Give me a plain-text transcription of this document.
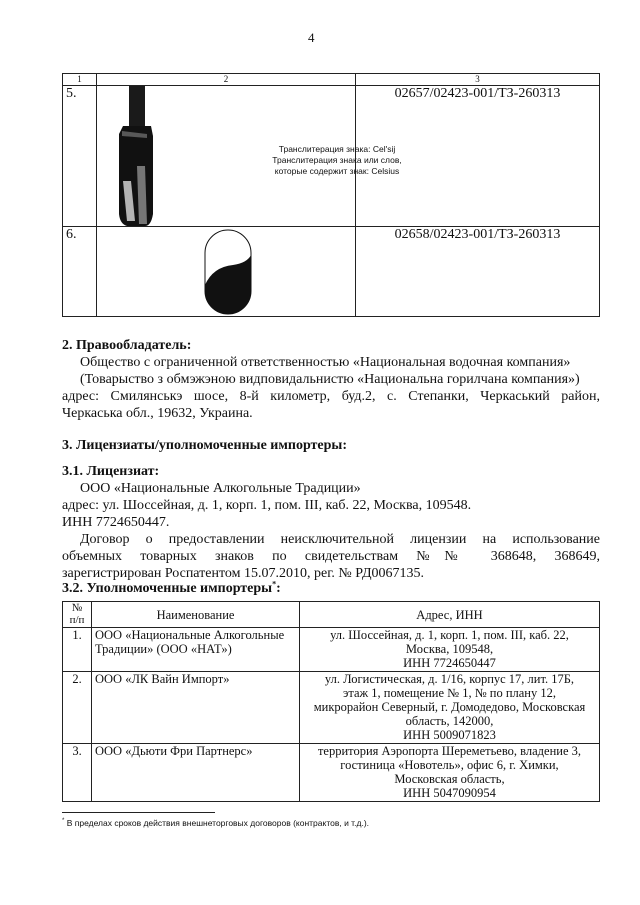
4
1	2	3
5.	Транслитерация знака: Cel'sij
Транслитерация знака или слов,
которые содержит знак: Celsius	02657/02423-001/ТЗ-260313
6.		02658/02423-001/ТЗ-260313
2. Правообладатель:
Общество с ограниченной ответственностью «Национальная водочная компания»
(Товарыство з обмэжэною видповидальнистю «Национальна горилчана компания»)
адрес: Смилянськэ шосе, 8-й километр, буд.2, с. Степанки, Черкаський район,
Черкаська обл., 19632, Украина.
3. Лицензиаты/уполномоченные импортеры:
3.1. Лицензиат:
ООО «Национальные Алкогольные Традиции»
адрес: ул. Шоссейная, д. 1, корп. 1, пом. III, каб. 22, Москва, 109548.
ИНН 7724650447.
Договор о предоставлении неисключительной лицензии на использование
объемных товарных знаков по свидетельствам №№ 368648, 368649,
зарегистрирован Роспатентом 15.07.2010, рег. № РД0067135.
3.2. Уполномоченные импортеры*:
№ п/п	Наименование	Адрес, ИНН
1.	ООО «Национальные Алкогольные Традиции» (ООО «НАТ»)	ул. Шоссейная, д. 1, корп. 1, пом. III, каб. 22,
Москва, 109548,
ИНН 7724650447

2.	ООО «ЛК Вайн Импорт»	ул. Логистическая, д. 1/16, корпус 17, лит. 17Б,
этаж 1, помещение № 1, № по плану 12,
микрорайон Северный, г. Домодедово, Московская
область, 142000,
ИНН 5009071823

3.	ООО «Дьюти Фри Партнерс»	территория Аэропорта Шереметьево, владение 3,
гостиница «Новотель», офис 6, г. Химки,
Московская область,
ИНН 5047090954
* В пределах сроков действия внешнеторговых договоров (контрактов, и т.д.).
